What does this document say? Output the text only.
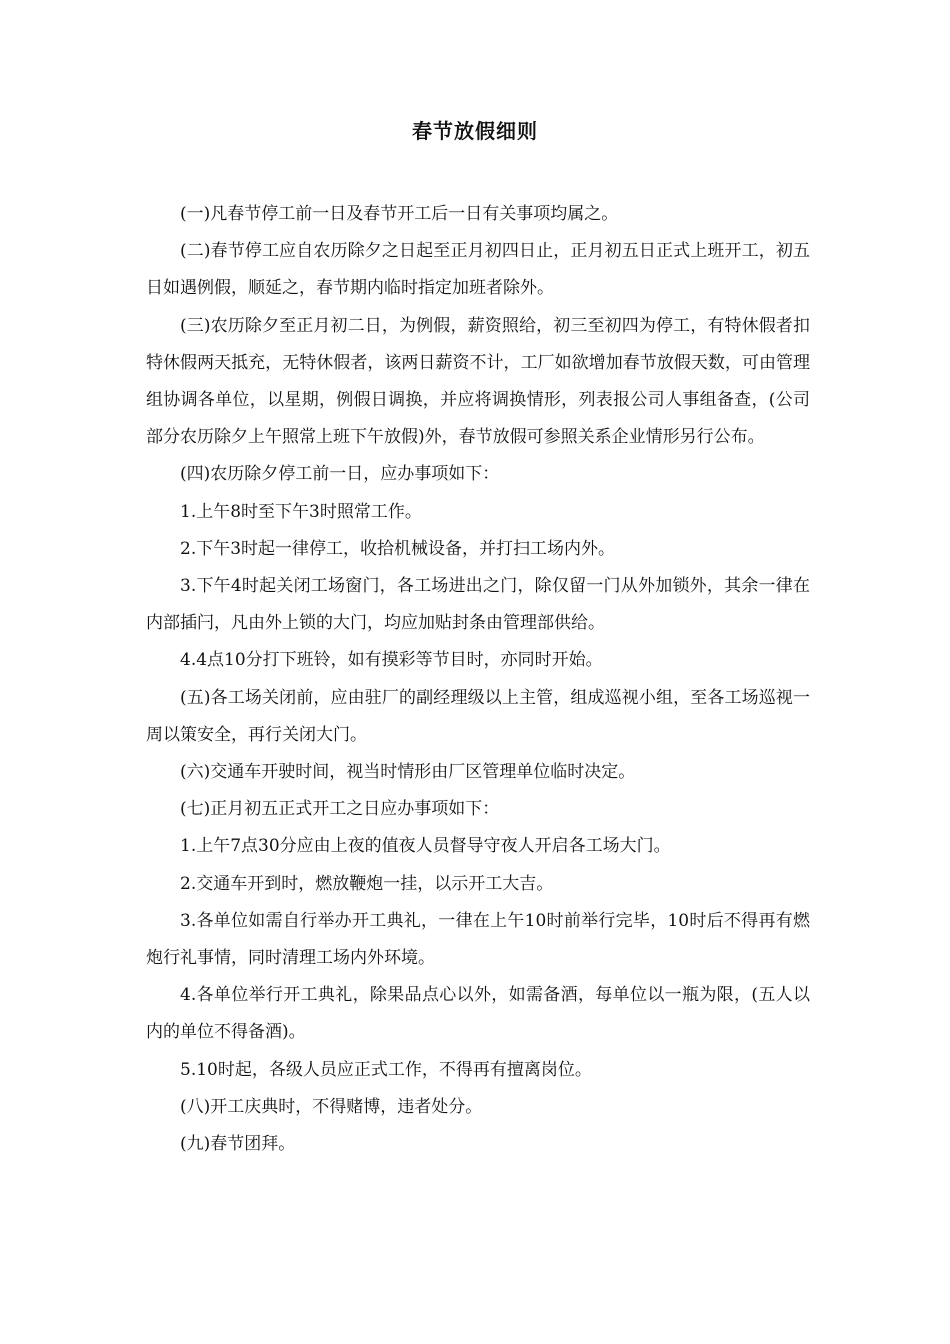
春节放假细则

(一)凡春节停工前一日及春节开工后一日有关事项均属之。

(二)春节停工应自农历除夕之日起至正月初四日止，正月初五日正式上班开工，初五日如遇例假，顺延之，春节期内临时指定加班者除外。

(三)农历除夕至正月初二日，为例假，薪资照给，初三至初四为停工，有特休假者扣特休假两天抵充，无特休假者，该两日薪资不计，工厂如欲增加春节放假天数，可由管理组协调各单位，以星期，例假日调换，并应将调换情形，列表报公司人事组备查，(公司部分农历除夕上午照常上班下午放假)外，春节放假可参照关系企业情形另行公布。

(四)农历除夕停工前一日，应办事项如下：

1.上午8时至下午3时照常工作。

2.下午3时起一律停工，收拾机械设备，并打扫工场内外。

3.下午4时起关闭工场窗门，各工场进出之门，除仅留一门从外加锁外，其余一律在内部插闩，凡由外上锁的大门，均应加贴封条由管理部供给。

4.4点10分打下班铃，如有摸彩等节目时，亦同时开始。

(五)各工场关闭前，应由驻厂的副经理级以上主管，组成巡视小组，至各工场巡视一周以策安全，再行关闭大门。

(六)交通车开驶时间，视当时情形由厂区管理单位临时决定。

(七)正月初五正式开工之日应办事项如下：

1.上午7点30分应由上夜的值夜人员督导守夜人开启各工场大门。

2.交通车开到时，燃放鞭炮一挂，以示开工大吉。

3.各单位如需自行举办开工典礼，一律在上午10时前举行完毕，10时后不得再有燃炮行礼事情，同时清理工场内外环境。

4.各单位举行开工典礼，除果品点心以外，如需备酒，每单位以一瓶为限，(五人以内的单位不得备酒)。

5.10时起，各级人员应正式工作，不得再有擅离岗位。

(八)开工庆典时，不得赌博，违者处分。

(九)春节团拜。
